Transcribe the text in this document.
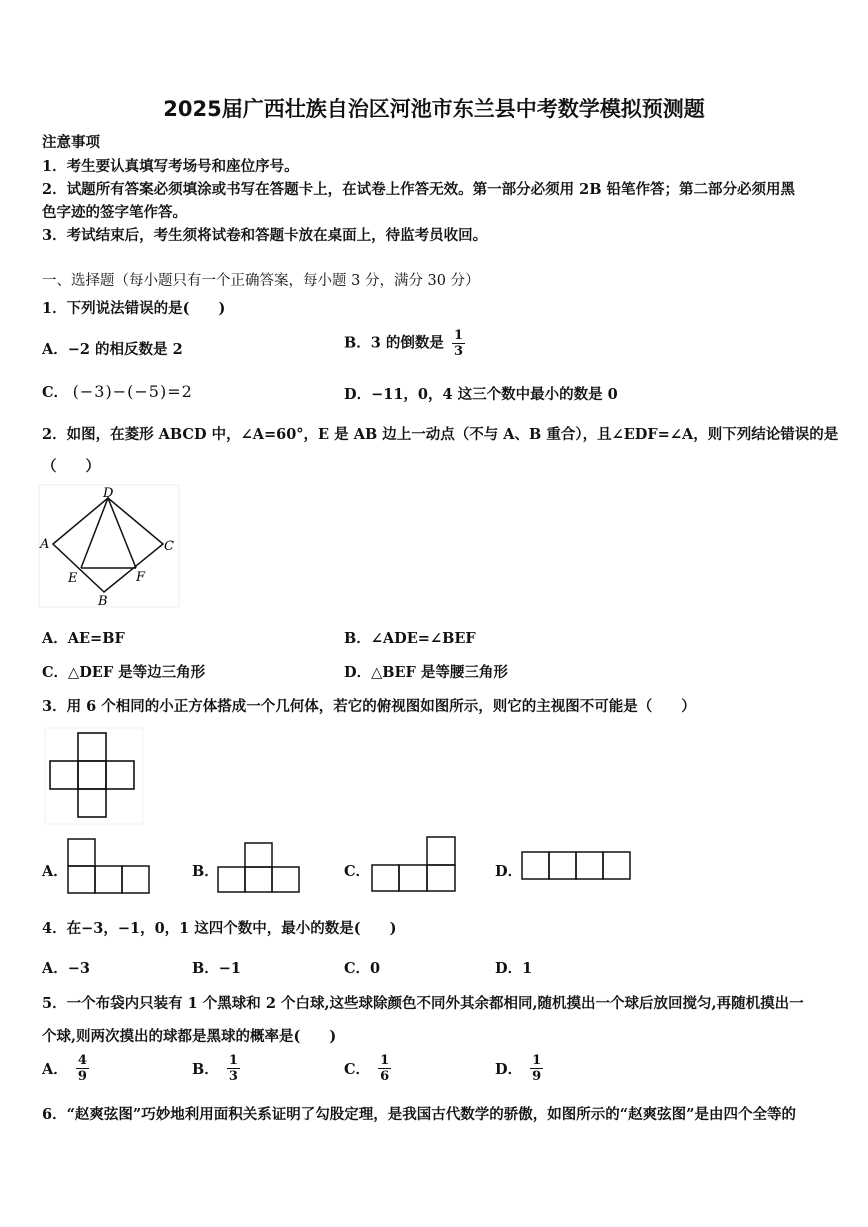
2025届广西壮族自治区河池市东兰县中考数学模拟预测题
注意事项
1．考生要认真填写考场号和座位序号。
2．试题所有答案必须填涂或书写在答题卡上，在试卷上作答无效。第一部分必须用 2B 铅笔作答；第二部分必须用黑
色字迹的签字笔作答。
3．考试结束后，考生须将试卷和答题卡放在桌面上，待监考员收回。
一、选择题（每小题只有一个正确答案，每小题 3 分，满分 30 分）
1．下列说法错误的是(　　)
A．−2 的相反数是 2	B．3 的倒数是 $\frac{1}{3}$
C． (−3)−(−5)=2	D．−11，0，4 这三个数中最小的数是 0
2．如图，在菱形 ABCD 中，∠A=60°，E 是 AB 边上一动点（不与 A、B 重合），且∠EDF=∠A，则下列结论错误的是
（　　）
D
A	C
E	F
B
A．AE=BF	B．∠ADE=∠BEF
C．△DEF 是等边三角形	D．△BEF 是等腰三角形
3．用 6 个相同的小正方体搭成一个几何体，若它的俯视图如图所示，则它的主视图不可能是（　　）
A．	B．	C．	D．
4．在−3，−1，0，1 这四个数中，最小的数是(　　)
A．−3	B．−1	C．0	D．1
5．一个布袋内只装有 1 个黑球和 2 个白球,这些球除颜色不同外其余都相同,随机摸出一个球后放回搅匀,再随机摸出一
个球,则两次摸出的球都是黑球的概率是(　　)
A． $\frac{4}{9}$	B． $\frac{1}{3}$	C． $\frac{1}{6}$	D． $\frac{1}{9}$
6．“赵爽弦图”巧妙地利用面积关系证明了勾股定理，是我国古代数学的骄傲，如图所示的“赵爽弦图”是由四个全等的
